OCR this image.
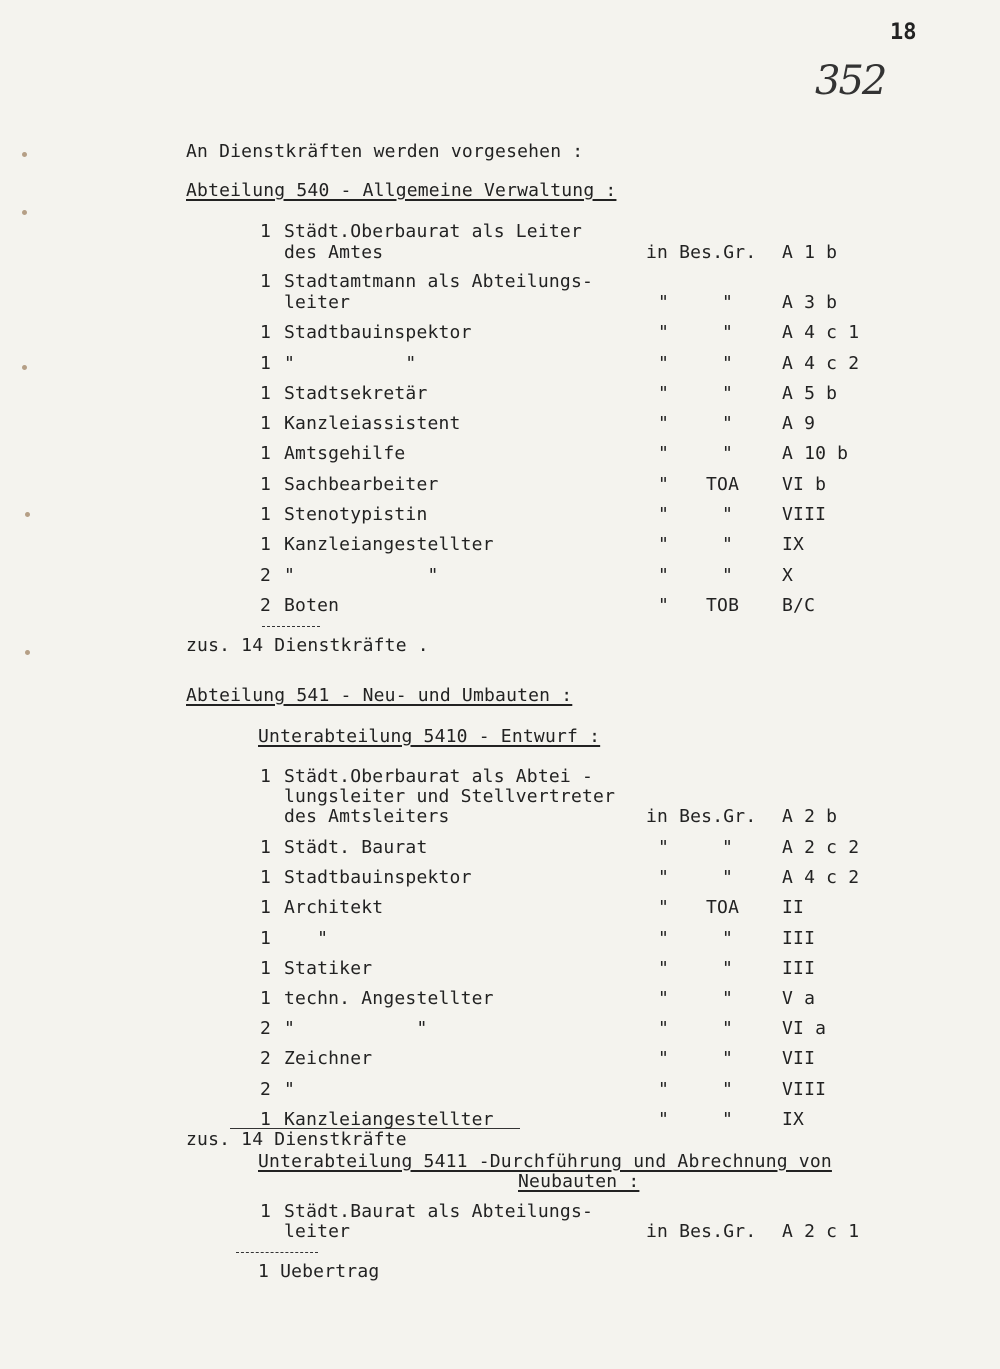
18
352
An Dienstkräften werden vorgesehen :
Abteilung 540 - Allgemeine Verwaltung :
1 Städt.Oberbaurat als Leiter
des Amtes	in Bes.Gr. A 1 b
1 Stadtamtmann als Abteilungs-
leiter	"	"	A 3 b
1 Stadtbauinspektor	"	"	A 4 c 1
1 "          "	"	"	A 4 c 2
1 Stadtsekretär	"	"	A 5 b
1 Kanzleiassistent	"	"	A 9
1 Amtsgehilfe	"	"	A 10 b
1 Sachbearbeiter	" TOA VI b
1 Stenotypistin	"	"	VIII
1 Kanzleiangestellter	"	"	IX
2 "            "	"	"	X
2 Boten	" TOB B/C
zus. 14 Dienstkräfte .
Abteilung 541 - Neu- und Umbauten :
Unterabteilung 5410 - Entwurf :
1 Städt.Oberbaurat als Abtei -
lungsleiter und Stellvertreter
des Amtsleiters	in Bes.Gr. A 2 b
1 Städt. Baurat	"	"	A 2 c 2
1 Stadtbauinspektor	"	"	A 4 c 2
1 Architekt	" TOA II
1 "	"	"	III
1 Statiker	"	"	III
1 techn. Angestellter	"	"	V a
2 "           "	"	"	VI a
2 Zeichner	"	"	VII
2 "	"	"	VIII
1 Kanzleiangestellter	"	"	IX
zus. 14 Dienstkräfte
Unterabteilung 5411 -Durchführung und Abrechnung von
Neubauten :
1 Städt.Baurat als Abteilungs-
leiter	in Bes.Gr. A 2 c 1
1 Uebertrag
